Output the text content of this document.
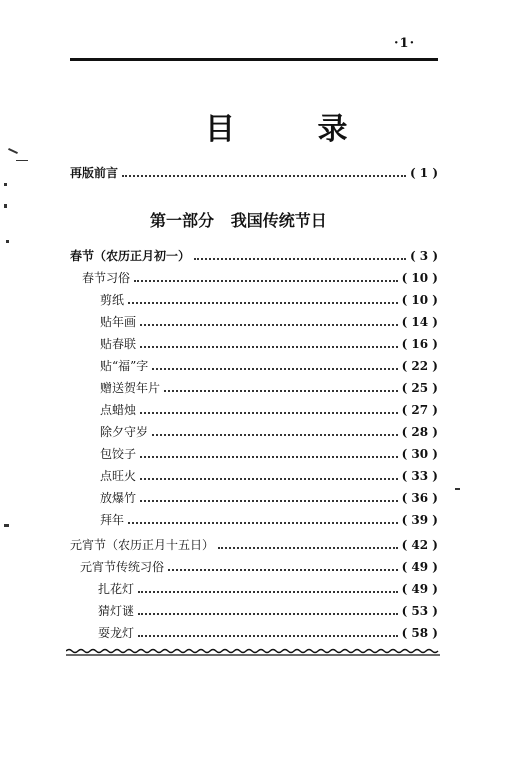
·1·
目 录
再版前言	( 1 )
第一部分   我国传统节日
春节（农历正月初一）	( 3 )
春节习俗	( 10 )
剪纸	( 10 )
贴年画	( 14 )
贴春联	( 16 )
贴“福”字	( 22 )
赠送贺年片	( 25 )
点蜡烛	( 27 )
除夕守岁	( 28 )
包饺子	( 30 )
点旺火	( 33 )
放爆竹	( 36 )
拜年	( 39 )
元宵节（农历正月十五日）	( 42 )
元宵节传统习俗	( 49 )
扎花灯	( 49 )
猜灯谜	( 53 )
耍龙灯	( 58 )
